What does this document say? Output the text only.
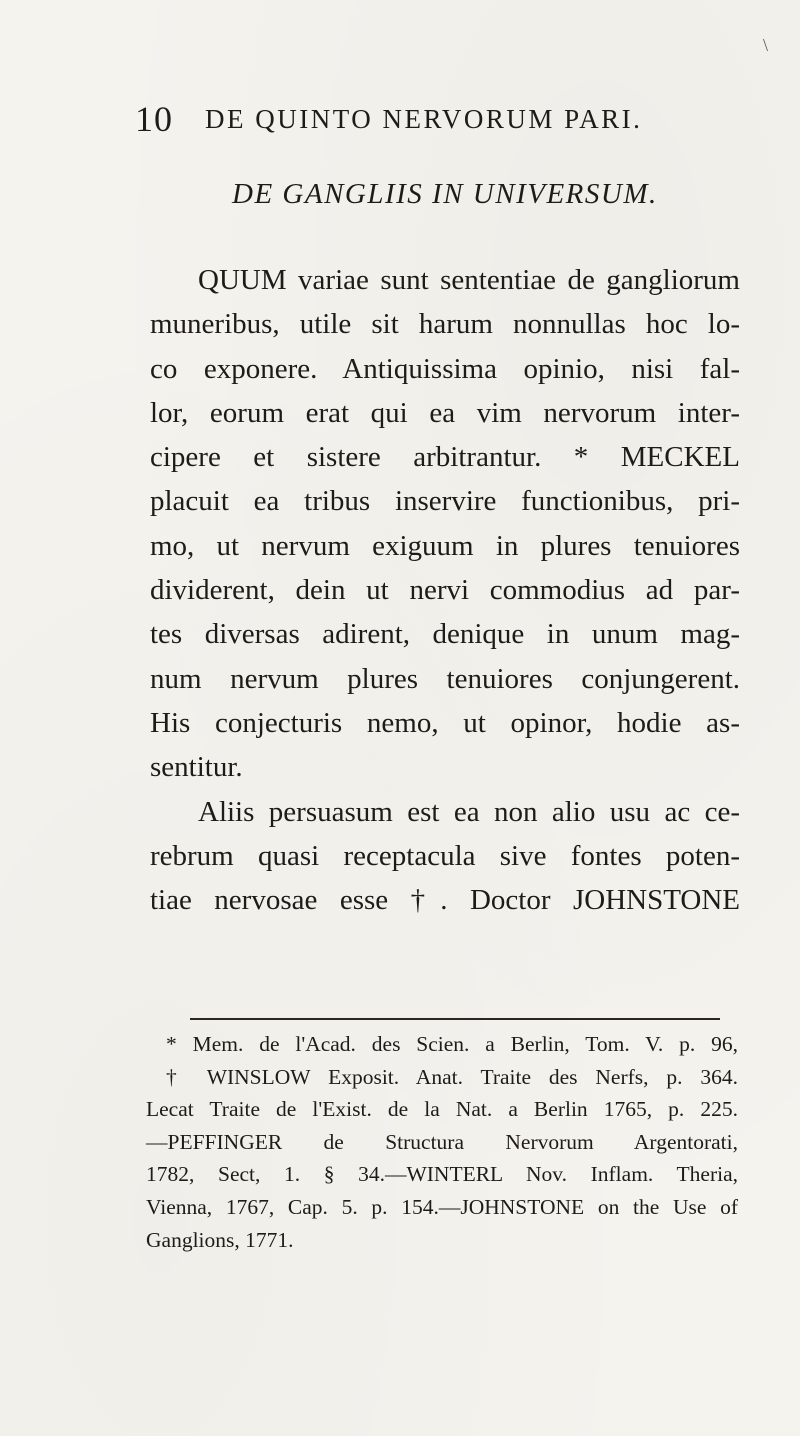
\
10 DE QUINTO NERVORUM PARI.
DE GANGLIIS IN UNIVERSUM.
QUUM variae sunt sententiae de gangliorum
muneribus, utile sit harum nonnullas hoc lo-
co exponere. Antiquissima opinio, nisi fal-
lor, eorum erat qui ea vim nervorum inter-
cipere et sistere arbitrantur. * MECKEL
placuit ea tribus inservire functionibus, pri-
mo, ut nervum exiguum in plures tenuiores
dividerent, dein ut nervi commodius ad par-
tes diversas adirent, denique in unum mag-
num nervum plures tenuiores conjungerent.
His conjecturis nemo, ut opinor, hodie as-
sentitur.
Aliis persuasum est ea non alio usu ac ce-
rebrum quasi receptacula sive fontes poten-
tiae nervosae esse †. Doctor JOHNSTONE
* Mem. de l'Acad. des Scien. a Berlin, Tom. V. p. 96,
† WINSLOW Exposit. Anat. Traite des Nerfs, p. 364.
Lecat Traite de l'Exist. de la Nat. a Berlin 1765, p. 225.
—PEFFINGER de Structura Nervorum Argentorati,
1782, Sect, 1. § 34.—WINTERL Nov. Inflam. Theria,
Vienna, 1767, Cap. 5. p. 154.—JOHNSTONE on the Use of
Ganglions, 1771.
